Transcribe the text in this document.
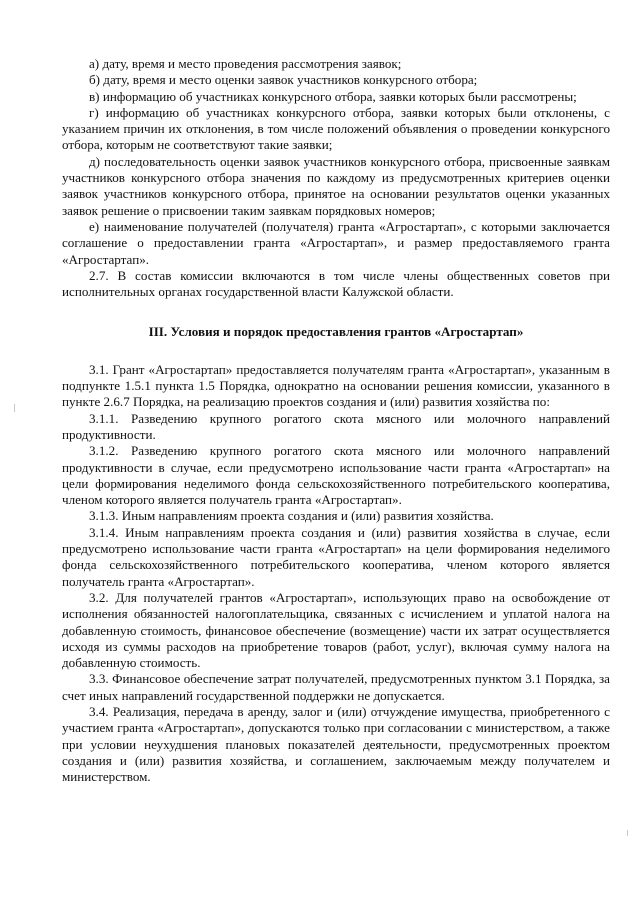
а) дату, время и место проведения рассмотрения заявок;

б) дату, время и место оценки заявок участников конкурсного отбора;

в) информацию об участниках конкурсного отбора, заявки которых были рассмотрены;

г) информацию об участниках конкурсного отбора, заявки которых были отклонены, с указанием причин их отклонения, в том числе положений объявления о проведении конкурсного отбора, которым не соответствуют такие заявки;

д) последовательность оценки заявок участников конкурсного отбора, присвоенные заявкам участников конкурсного отбора значения по каждому из предусмотренных критериев оценки заявок участников конкурсного отбора, принятое на основании результатов оценки указанных заявок решение о присвоении таким заявкам порядковых номеров;

е) наименование получателей (получателя) гранта «Агростартап», с которыми заключается соглашение о предоставлении гранта «Агростартап», и размер предоставляемого гранта «Агростартап».

2.7. В состав комиссии включаются в том числе члены общественных советов при исполнительных органах государственной власти Калужской области.

III. Условия и порядок предоставления грантов «Агростартап»

3.1. Грант «Агростартап» предоставляется получателям гранта «Агростартап», указанным в подпункте 1.5.1 пункта 1.5 Порядка, однократно на основании решения комиссии, указанного в пункте 2.6.7 Порядка, на реализацию проектов создания и (или) развития хозяйства по:

3.1.1. Разведению крупного рогатого скота мясного или молочного направлений продуктивности.

3.1.2. Разведению крупного рогатого скота мясного или молочного направлений продуктивности в случае, если предусмотрено использование части гранта «Агростартап» на цели формирования неделимого фонда сельскохозяйственного потребительского кооператива, членом которого является получатель гранта «Агростартап».

3.1.3. Иным направлениям проекта создания и (или) развития хозяйства.

3.1.4. Иным направлениям проекта создания и (или) развития хозяйства в случае, если предусмотрено использование части гранта «Агростартап» на цели формирования неделимого фонда сельскохозяйственного потребительского кооператива, членом которого является получатель гранта «Агростартап».

3.2. Для получателей грантов «Агростартап», использующих право на освобождение от исполнения обязанностей налогоплательщика, связанных с исчислением и уплатой налога на добавленную стоимость, финансовое обеспечение (возмещение) части их затрат осуществляется исходя из суммы расходов на приобретение товаров (работ, услуг), включая сумму налога на добавленную стоимость.

3.3. Финансовое обеспечение затрат получателей, предусмотренных пунктом 3.1 Порядка, за счет иных направлений государственной поддержки не допускается.

3.4. Реализация, передача в аренду, залог и (или) отчуждение имущества, приобретенного с участием гранта «Агростартап», допускаются только при согласовании с министерством, а также при условии неухудшения плановых показателей деятельности, предусмотренных проектом создания и (или) развития хозяйства, и соглашением, заключаемым между получателем и министерством.
